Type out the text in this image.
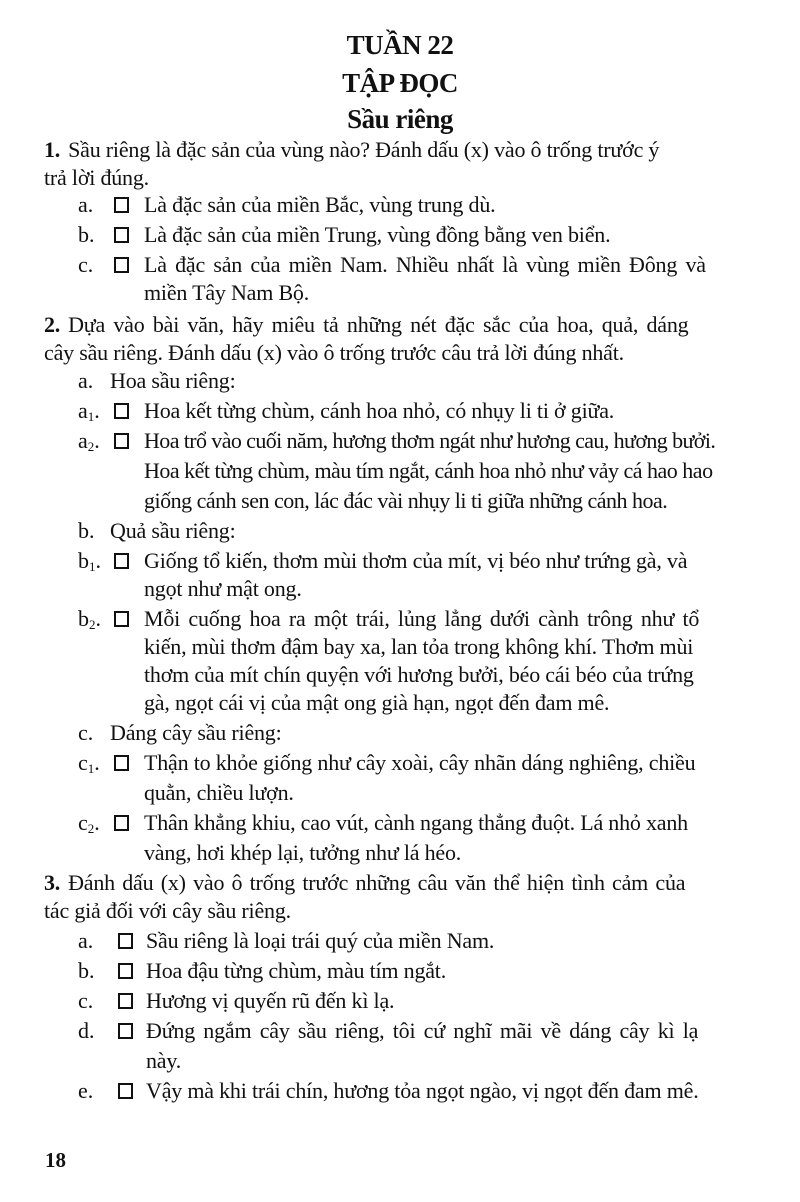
TUẦN 22
TẬP ĐỌC
Sầu riêng
1. Sầu riêng là đặc sản của vùng nào? Đánh dấu (x) vào ô trống trước ý
trả lời đúng.
a. Là đặc sản của miền Bắc, vùng trung dù.
b. Là đặc sản của miền Trung, vùng đồng bằng ven biển.
c. Là đặc sản của miền Nam. Nhiều nhất là vùng miền Đông và
miền Tây Nam Bộ.
2. Dựa vào bài văn, hãy miêu tả những nét đặc sắc của hoa, quả, dáng
cây sầu riêng. Đánh dấu (x) vào ô trống trước câu trả lời đúng nhất.
a. Hoa sầu riêng:
$a_1$. Hoa kết từng chùm, cánh hoa nhỏ, có nhụy li ti ở giữa.
$a_2$. Hoa trổ vào cuối năm, hương thơm ngát như hương cau, hương bưởi.
Hoa kết từng chùm, màu tím ngắt, cánh hoa nhỏ như vảy cá hao hao
giống cánh sen con, lác đác vài nhụy li ti giữa những cánh hoa.
b. Quả sầu riêng:
$b_1$. Giống tổ kiến, thơm mùi thơm của mít, vị béo như trứng gà, và
ngọt như mật ong.
$b_2$. Mỗi cuống hoa ra một trái, lủng lẳng dưới cành trông như tổ
kiến, mùi thơm đậm bay xa, lan tỏa trong không khí. Thơm mùi
thơm của mít chín quyện với hương bưởi, béo cái béo của trứng
gà, ngọt cái vị của mật ong già hạn, ngọt đến đam mê.
c. Dáng cây sầu riêng:
$c_1$. Thận to khỏe giống như cây xoài, cây nhãn dáng nghiêng, chiều
quằn, chiều lượn.
$c_2$. Thân khẳng khiu, cao vút, cành ngang thẳng đuột. Lá nhỏ xanh
vàng, hơi khép lại, tưởng như lá héo.
3. Đánh dấu (x) vào ô trống trước những câu văn thể hiện tình cảm của
tác giả đối với cây sầu riêng.
a. Sầu riêng là loại trái quý của miền Nam.
b. Hoa đậu từng chùm, màu tím ngắt.
c. Hương vị quyến rũ đến kì lạ.
d. Đứng ngắm cây sầu riêng, tôi cứ nghĩ mãi về dáng cây kì lạ
này.
e. Vậy mà khi trái chín, hương tỏa ngọt ngào, vị ngọt đến đam mê.
18
